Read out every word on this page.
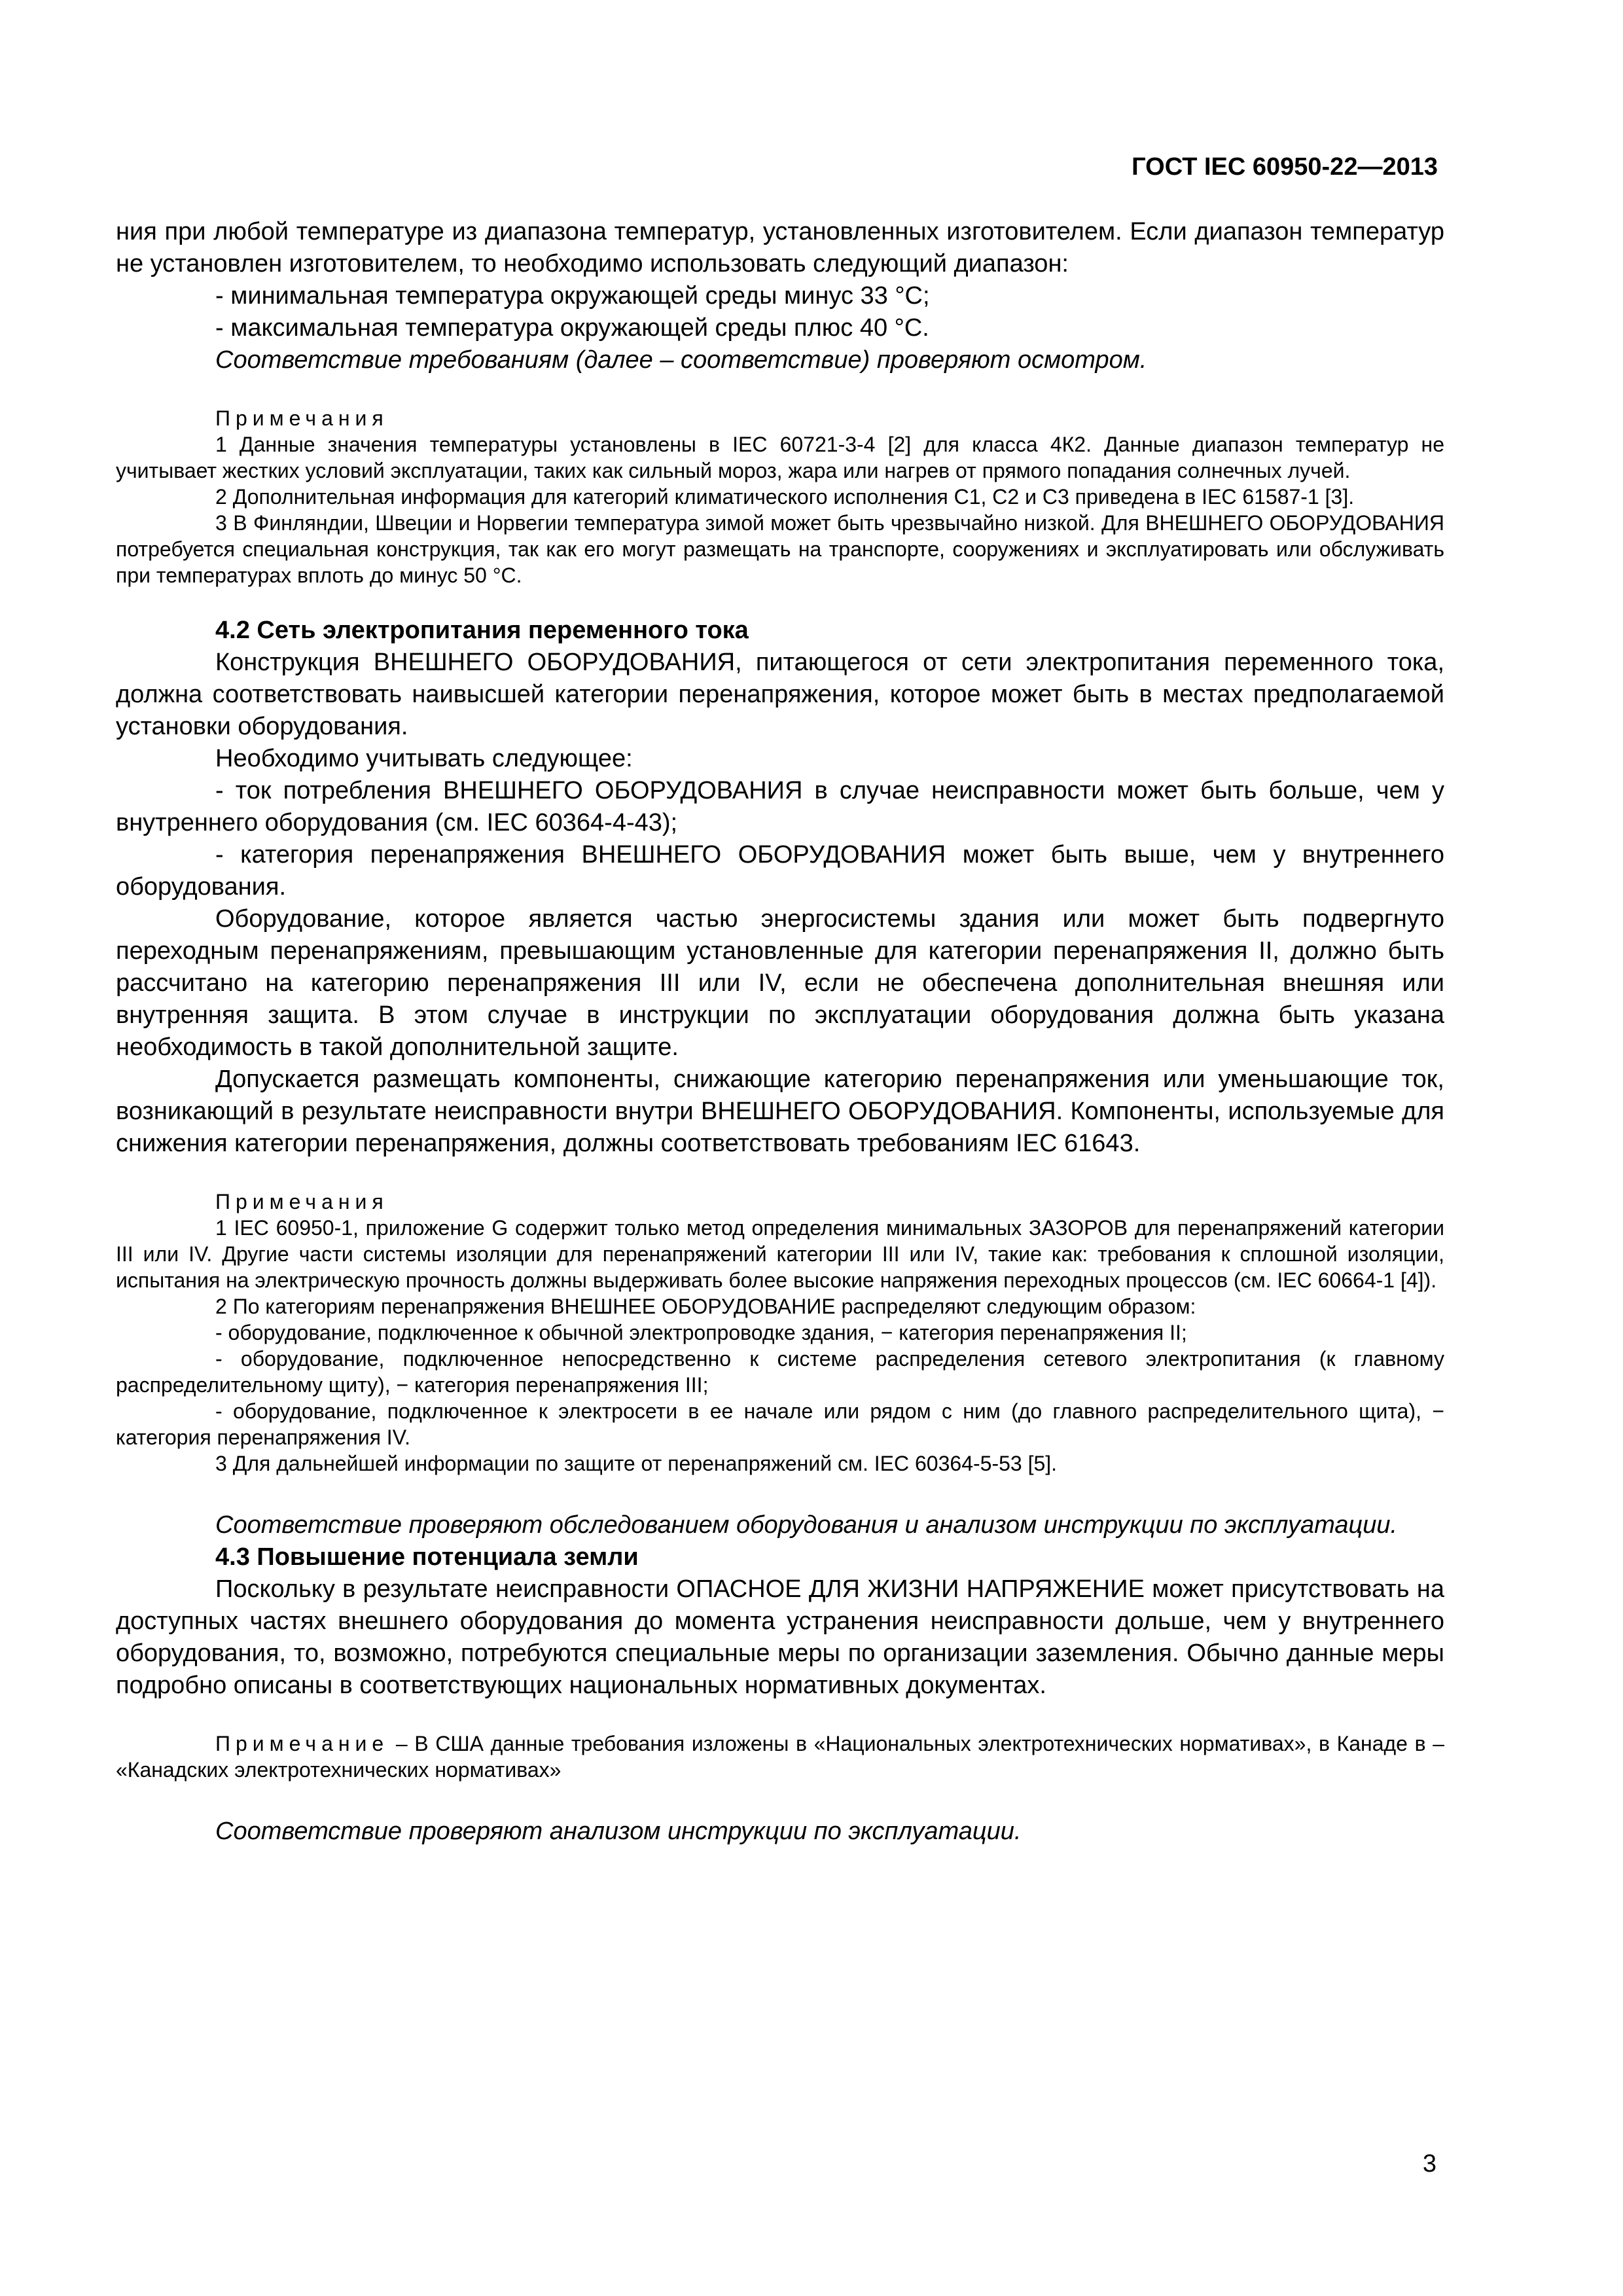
ГОСТ IEC 60950-22—2013

ния при любой температуре из диапазона температур, установленных изготовителем. Если диапазон температур не установлен изготовителем, то необходимо использовать следующий диапазон:

- минимальная температура окружающей среды минус 33 °С;

- максимальная температура окружающей среды плюс 40 °С.

Соответствие требованиям (далее – соответствие) проверяют осмотром.

Примечания

1 Данные значения температуры установлены в IEC 60721-3-4 [2] для класса 4К2. Данные диапазон температур не учитывает жестких условий эксплуатации, таких как сильный мороз, жара или нагрев от прямого попадания солнечных лучей.

2 Дополнительная информация для категорий климатического исполнения С1, С2 и С3 приведена в IEC 61587-1 [3].

3 В Финляндии, Швеции и Норвегии температура зимой может быть чрезвычайно низкой. Для ВНЕШНЕГО ОБОРУДОВАНИЯ потребуется специальная конструкция, так как его могут размещать на транспорте, сооружениях и эксплуатировать или обслуживать при температурах вплоть до минус 50 °С.

4.2 Сеть электропитания переменного тока

Конструкция ВНЕШНЕГО ОБОРУДОВАНИЯ, питающегося от сети электропитания переменного тока, должна соответствовать наивысшей категории перенапряжения, которое может быть в местах предполагаемой установки оборудования.

Необходимо учитывать следующее:

- ток потребления ВНЕШНЕГО ОБОРУДОВАНИЯ в случае неисправности может быть больше, чем у внутреннего оборудования (см. IEC 60364-4-43);

- категория перенапряжения ВНЕШНЕГО ОБОРУДОВАНИЯ может быть выше, чем у внутреннего оборудования.

Оборудование, которое является частью энергосистемы здания или может быть подвергнуто переходным перенапряжениям, превышающим установленные для категории перенапряжения II, должно быть рассчитано на категорию перенапряжения III или IV, если не обеспечена дополнительная внешняя или внутренняя защита. В этом случае в инструкции по эксплуатации оборудования должна быть указана необходимость в такой дополнительной защите.

Допускается размещать компоненты, снижающие категорию перенапряжения или уменьшающие ток, возникающий в результате неисправности внутри ВНЕШНЕГО ОБОРУДОВАНИЯ. Компоненты, используемые для снижения категории перенапряжения, должны соответствовать требованиям IEC 61643.

Примечания

1 IEC 60950-1, приложение G содержит только метод определения минимальных ЗАЗОРОВ для перенапряжений категории III или IV. Другие части системы изоляции для перенапряжений категории III или IV, такие как: требования к сплошной изоляции, испытания на электрическую прочность должны выдерживать более высокие напряжения переходных процессов (см. IEC 60664-1 [4]).

2 По категориям перенапряжения ВНЕШНЕЕ ОБОРУДОВАНИЕ распределяют следующим образом:

- оборудование, подключенное к обычной электропроводке здания, − категория перенапряжения II;

- оборудование, подключенное непосредственно к системе распределения сетевого электропитания (к главному распределительному щиту), − категория перенапряжения III;

- оборудование, подключенное к электросети в ее начале или рядом с ним (до главного распределительного щита), − категория перенапряжения IV.

3 Для дальнейшей информации по защите от перенапряжений см. IEC 60364-5-53 [5].

Соответствие проверяют обследованием оборудования и анализом инструкции по эксплуатации.

4.3 Повышение потенциала земли

Поскольку в результате неисправности ОПАСНОЕ ДЛЯ ЖИЗНИ НАПРЯЖЕНИЕ может присутствовать на доступных частях внешнего оборудования до момента устранения неисправности дольше, чем у внутреннего оборудования, то, возможно, потребуются специальные меры по организации заземления. Обычно данные меры подробно описаны в соответствующих национальных нормативных документах.

Примечание – В США данные требования изложены в «Национальных электротехнических нормативах», в Канаде в – «Канадских электротехнических нормативах»

Соответствие проверяют анализом инструкции по эксплуатации.

3
